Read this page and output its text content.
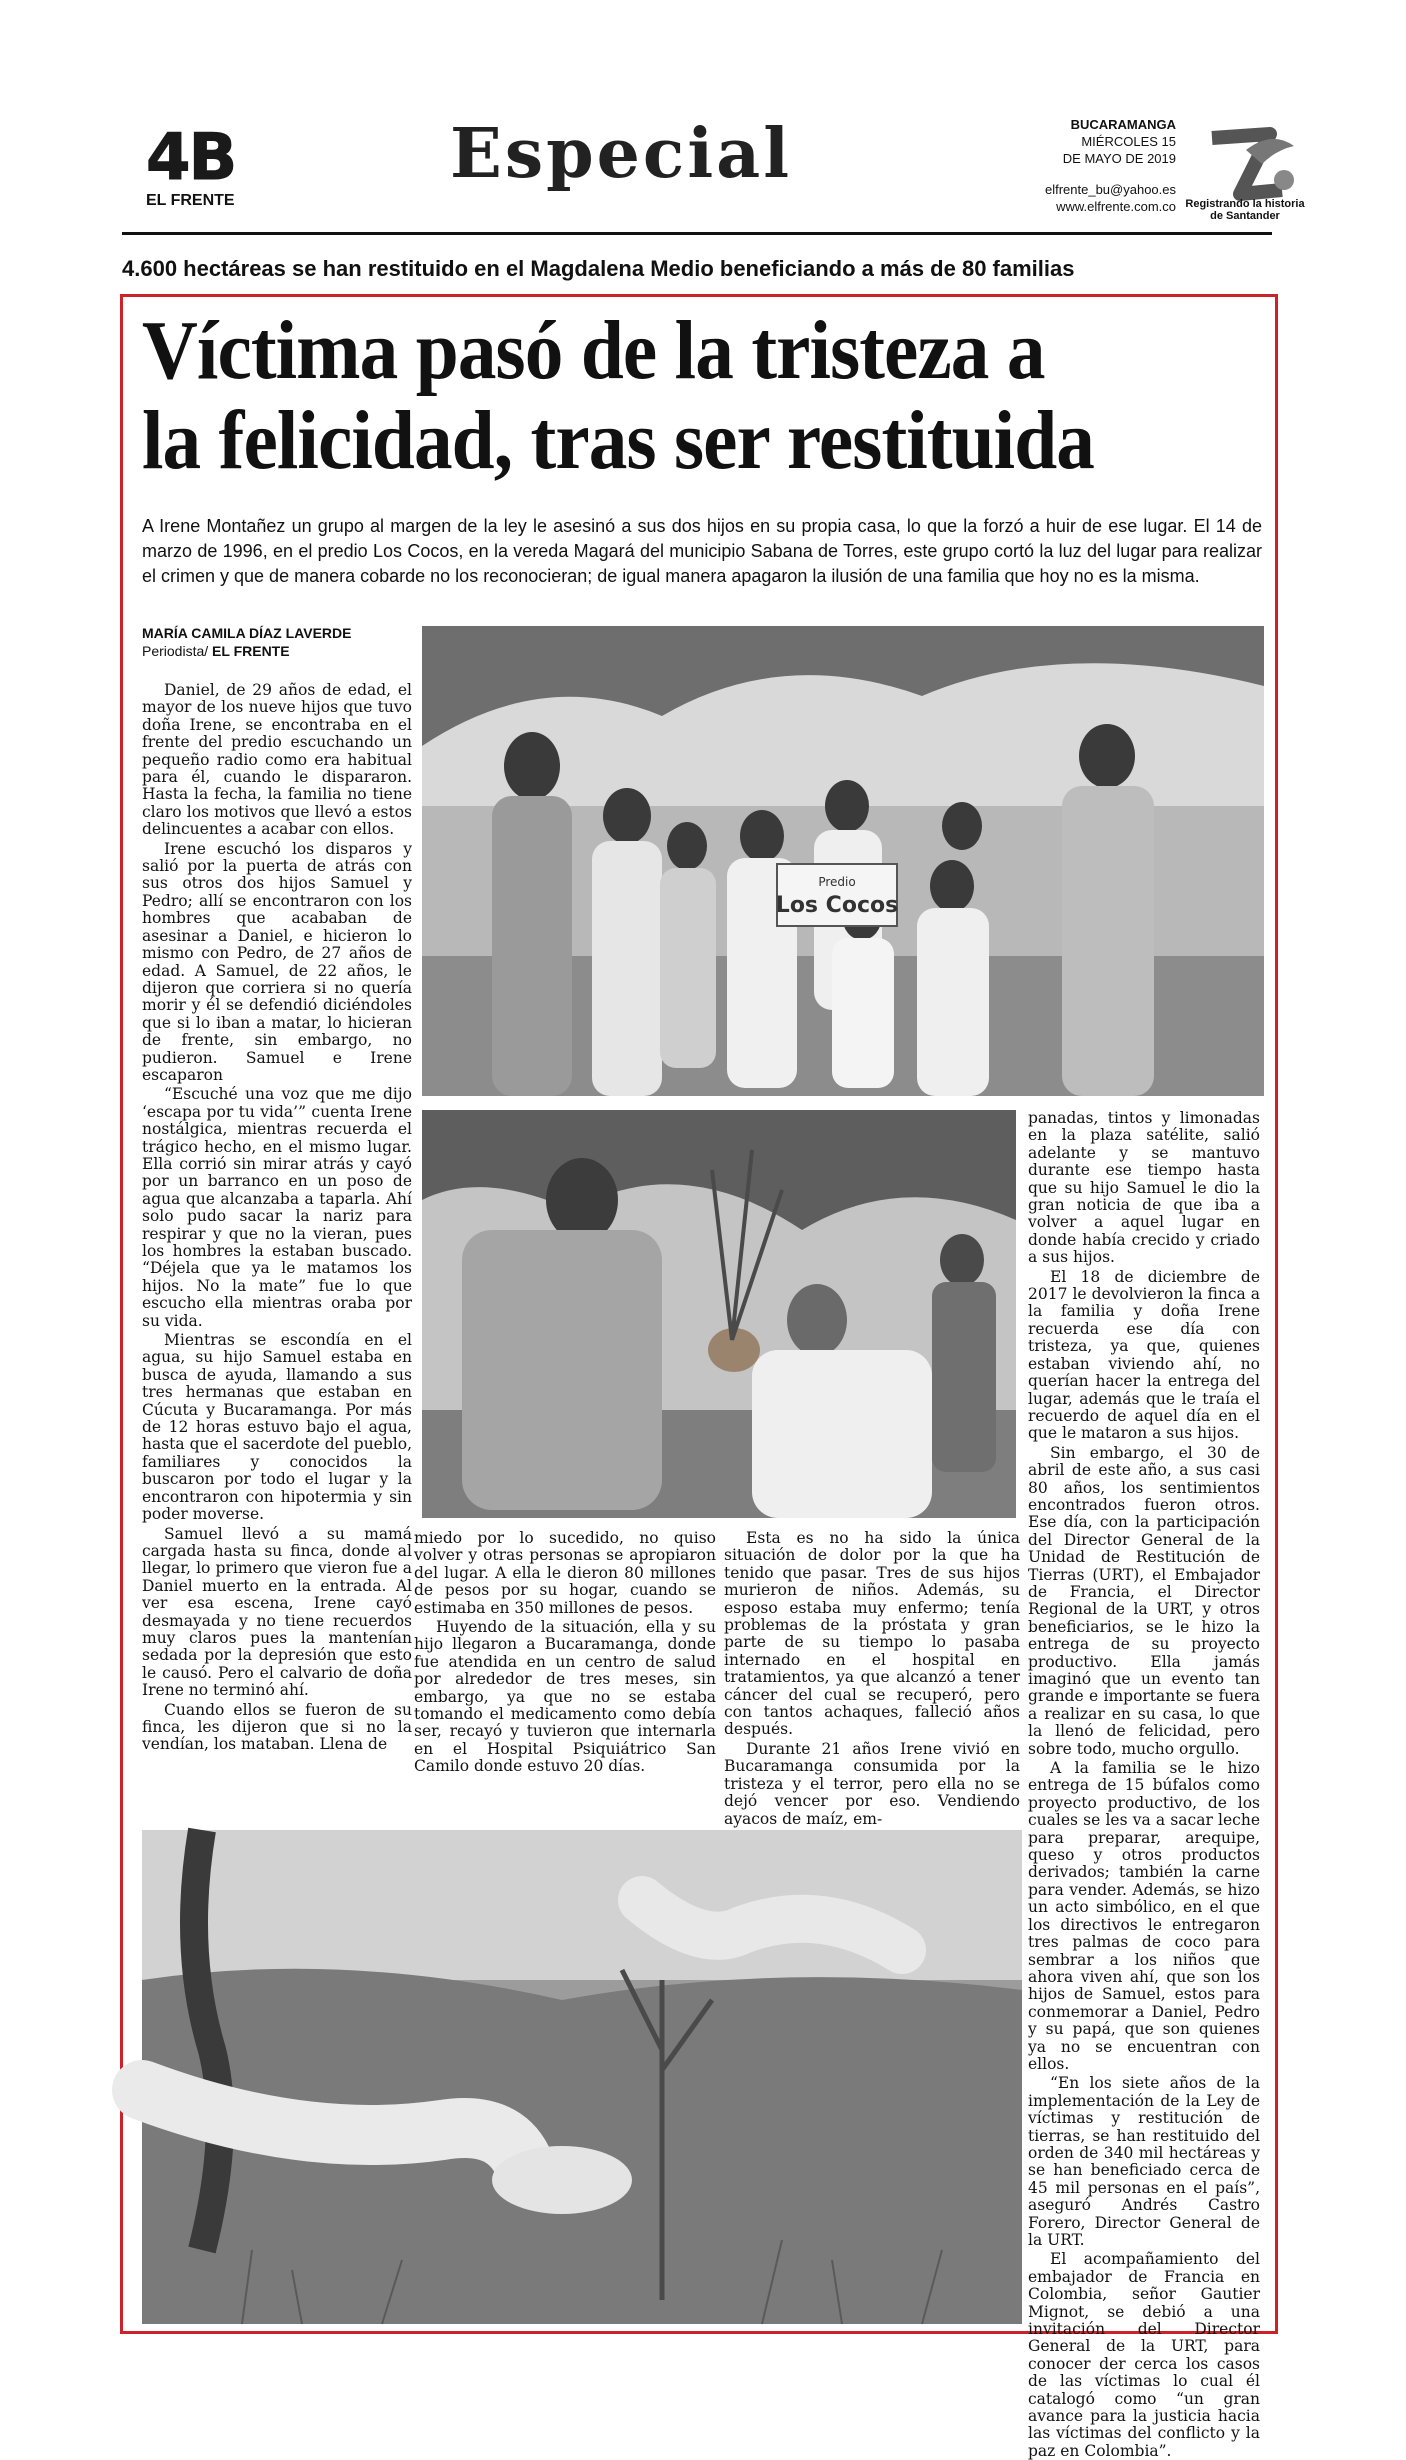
4B
EL FRENTE
Especial	BUCARAMANGA
MIÉRCOLES 15
DE MAYO DE 2019
elfrente_bu@yahoo.es
www.elfrente.com.co Registrando la historia
de Santander
4.600 hectáreas se han restituido en el Magdalena Medio beneficiando a más de 80 familias
Víctima pasó de la tristeza a
la felicidad, tras ser restituida
A Irene Montañez un grupo al margen de la ley le asesinó a sus dos hijos en su propia casa, lo que la forzó a huir de ese lugar. El 14 de marzo de 1996, en el predio Los Cocos, en la vereda Magará del municipio Sabana de Torres, este grupo cortó la luz del lugar para realizar el crimen y que de manera cobarde no los reconocieran; de igual manera apagaron la ilusión de una familia que hoy no es la misma.
MARÍA CAMILA DÍAZ LAVERDE
Periodista/ EL FRENTE

Daniel, de 29 años de edad, el mayor de los nueve hijos que tuvo doña Irene, se encontraba en el frente del predio escuchando un pequeño radio como era habitual para él, cuando le dispararon. Hasta la fecha, la familia no tiene claro los motivos que llevó a estos delincuentes a acabar con ellos.

Irene escuchó los disparos y salió por la puerta de atrás con sus otros dos hijos Samuel y Pedro; allí se encontraron con los hombres que acababan de asesinar a Daniel, e hicieron lo mismo con Pedro, de 27 años de edad. A Samuel, de 22 años, le dijeron que corriera si no quería morir y él se defendió diciéndoles que si lo iban a matar, lo hicieran de frente, sin embargo, no pudieron. Samuel e Irene escaparon

“Escuché una voz que me dijo ‘escapa por tu vida’” cuenta Irene nostálgica, mientras recuerda el trágico hecho, en el mismo lugar. Ella corrió sin mirar atrás y cayó por un barranco en un poso de agua que alcanzaba a taparla. Ahí solo pudo sacar la nariz para respirar y que no la vieran, pues los hombres la estaban buscado. “Déjela que ya le matamos los hijos. No la mate” fue lo que escucho ella mientras oraba por su vida.

Mientras se escondía en el agua, su hijo Samuel estaba en busca de ayuda, llamando a sus tres hermanas que estaban en Cúcuta y Bucaramanga. Por más de 12 horas estuvo bajo el agua, hasta que el sacerdote del pueblo, familiares y conocidos la buscaron por todo el lugar y la encontraron con hipotermia y sin poder moverse.

Samuel llevó a su mamá cargada hasta su finca, donde al llegar, lo primero que vieron fue a Daniel muerto en la entrada. Al ver esa escena, Irene cayó desmayada y no tiene recuerdos muy claros pues la mantenían sedada por la depresión que esto le causó. Pero el calvario de doña Irene no terminó ahí.

Cuando ellos se fueron de su finca, les dijeron que si no la vendían, los mataban. Llena de

Predio
Los Cocos

miedo por lo sucedido, no quiso volver y otras personas se apropiaron del lugar. A ella le dieron 80 millones de pesos por su hogar, cuando se estimaba en 350 millones de pesos.

Huyendo de la situación, ella y su hijo llegaron a Bucaramanga, donde fue atendida en un centro de salud por alrededor de tres meses, sin embargo, ya que no se estaba tomando el medicamento como debía ser, recayó y tuvieron que internarla en el Hospital Psiquiátrico San Camilo donde estuvo 20 días.

Esta es no ha sido la única situación de dolor por la que ha tenido que pasar. Tres de sus hijos murieron de niños. Además, su esposo estaba muy enfermo; tenía problemas de la próstata y gran parte de su tiempo lo pasaba internado en el hospital en tratamientos, ya que alcanzó a tener cáncer del cual se recuperó, pero con tantos achaques, falleció años después.

Durante 21 años Irene vivió en Bucaramanga consumida por la tristeza y el terror, pero ella no se dejó vencer por eso. Vendiendo ayacos de maíz, em-

panadas, tintos y limonadas en la plaza satélite, salió adelante y se mantuvo durante ese tiempo hasta que su hijo Samuel le dio la gran noticia de que iba a volver a aquel lugar en donde había crecido y criado a sus hijos.

El 18 de diciembre de 2017 le devolvieron la finca a la familia y doña Irene recuerda ese día con tristeza, ya que, quienes estaban viviendo ahí, no querían hacer la entrega del lugar, además que le traía el recuerdo de aquel día en el que le mataron a sus hijos.

Sin embargo, el 30 de abril de este año, a sus casi 80 años, los sentimientos encontrados fueron otros. Ese día, con la participación del Director General de la Unidad de Restitución de Tierras (URT), el Embajador de Francia, el Director Regional de la URT, y otros beneficiarios, se le hizo la entrega de su proyecto productivo. Ella jamás imaginó que un evento tan grande e importante se fuera a realizar en su casa, lo que la llenó de felicidad, pero sobre todo, mucho orgullo.

A la familia se le hizo entrega de 15 búfalos como proyecto productivo, de los cuales se les va a sacar leche para preparar, arequipe, queso y otros productos derivados; también la carne para vender. Además, se hizo un acto simbólico, en el que los directivos le entregaron tres palmas de coco para sembrar a los niños que ahora viven ahí, que son los hijos de Samuel, estos para conmemorar a Daniel, Pedro y su papá, que son quienes ya no se encuentran con ellos.

“En los siete años de la implementación de la Ley de víctimas y restitución de tierras, se han restituido del orden de 340 mil hectáreas y se han beneficiado cerca de 45 mil personas en el país”, aseguró Andrés Castro Forero, Director General de la URT.

El acompañamiento del embajador de Francia en Colombia, señor Gautier Mignot, se debió a una invitación del Director General de la URT, para conocer der cerca los casos de las víctimas lo cual él catalogó como “un gran avance para la justicia hacia las víctimas del conflicto y la paz en Colombia”.
